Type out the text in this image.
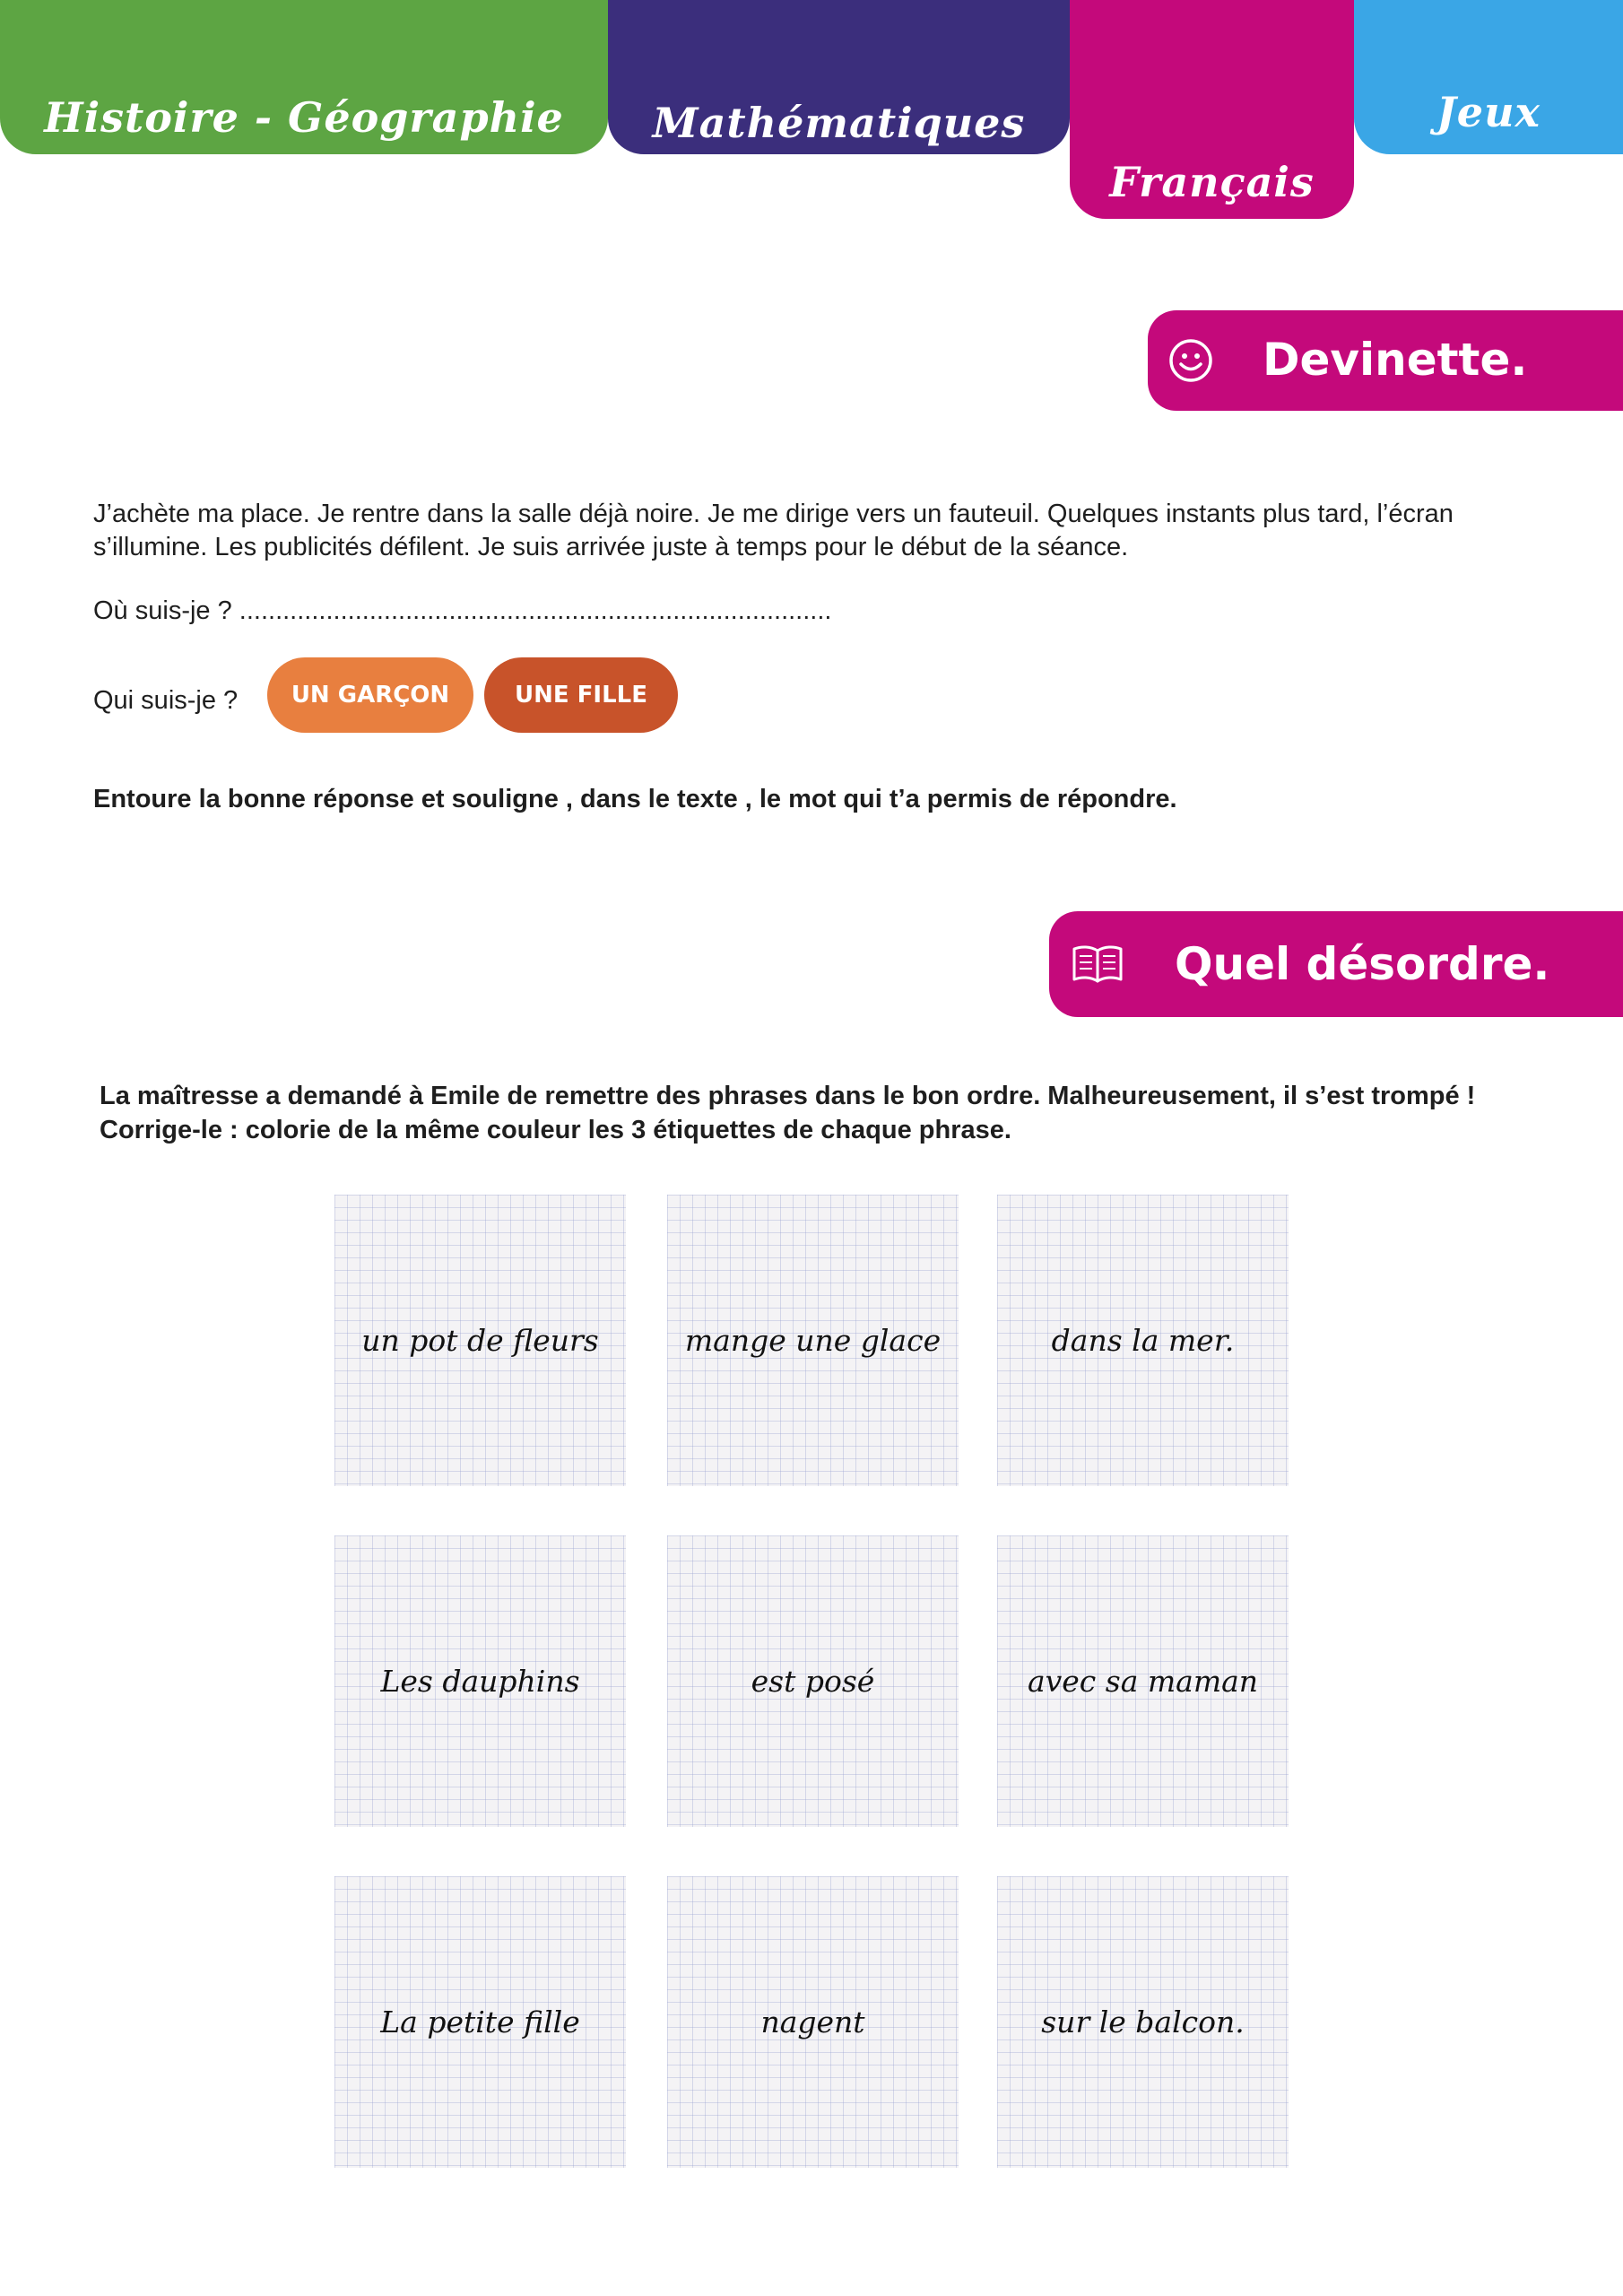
Histoire - Géographie Mathématiques
Français
Jeux
Devinette.
J’achète ma place. Je rentre dans la salle déjà noire. Je me dirige vers un fauteuil. Quelques instants plus tard, l’écran s’illumine. Les publicités défilent. Je suis arrivée juste à temps pour le début de la séance.
Où suis-je ? ..................................................................................
Qui suis-je ?	UN GARÇON	UNE FILLE
Entoure la bonne réponse et souligne , dans le texte , le mot qui t’a permis de répondre.
Quel désordre.
La maîtresse a demandé à Emile de remettre des phrases dans le bon ordre. Malheureusement, il s’est trompé ! Corrige-le : colorie de la même couleur les 3 étiquettes de chaque phrase.
un pot de fleurs	mange une glace	dans la mer.
Les dauphins	est posé	avec sa maman
La petite fille	nagent	sur le balcon.
